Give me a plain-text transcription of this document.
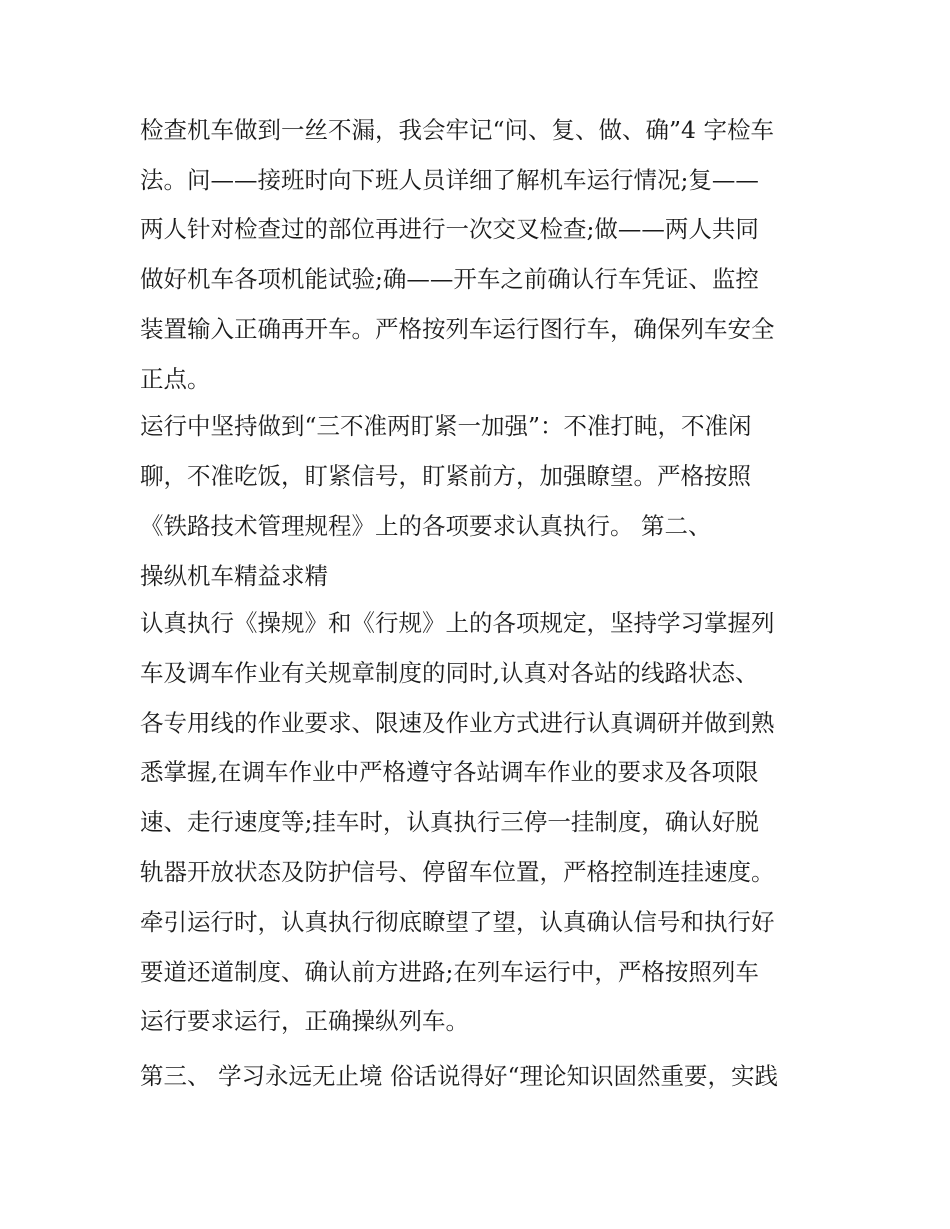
检查机车做到一丝不漏，我会牢记“问、复、做、确”4 字检车

法。问——接班时向下班人员详细了解机车运行情况;复——

两人针对检查过的部位再进行一次交叉检查;做——两人共同

做好机车各项机能试验;确——开车之前确认行车凭证、监控

装置输入正确再开车。严格按列车运行图行车，确保列车安全

正点。

运行中坚持做到“三不准两盯紧一加强”：不准打盹，不准闲

聊，不准吃饭，盯紧信号，盯紧前方，加强瞭望。严格按照

《铁路技术管理规程》上的各项要求认真执行。 第二、

操纵机车精益求精

认真执行《操规》和《行规》上的各项规定，坚持学习掌握列

车及调车作业有关规章制度的同时,认真对各站的线路状态、

各专用线的作业要求、限速及作业方式进行认真调研并做到熟

悉掌握,在调车作业中严格遵守各站调车作业的要求及各项限

速、走行速度等;挂车时，认真执行三停一挂制度，确认好脱

轨器开放状态及防护信号、停留车位置，严格控制连挂速度。

牵引运行时，认真执行彻底瞭望了望，认真确认信号和执行好

要道还道制度、确认前方进路;在列车运行中，严格按照列车

运行要求运行，正确操纵列车。

第三、 学习永远无止境 俗话说得好“理论知识固然重要，实践
